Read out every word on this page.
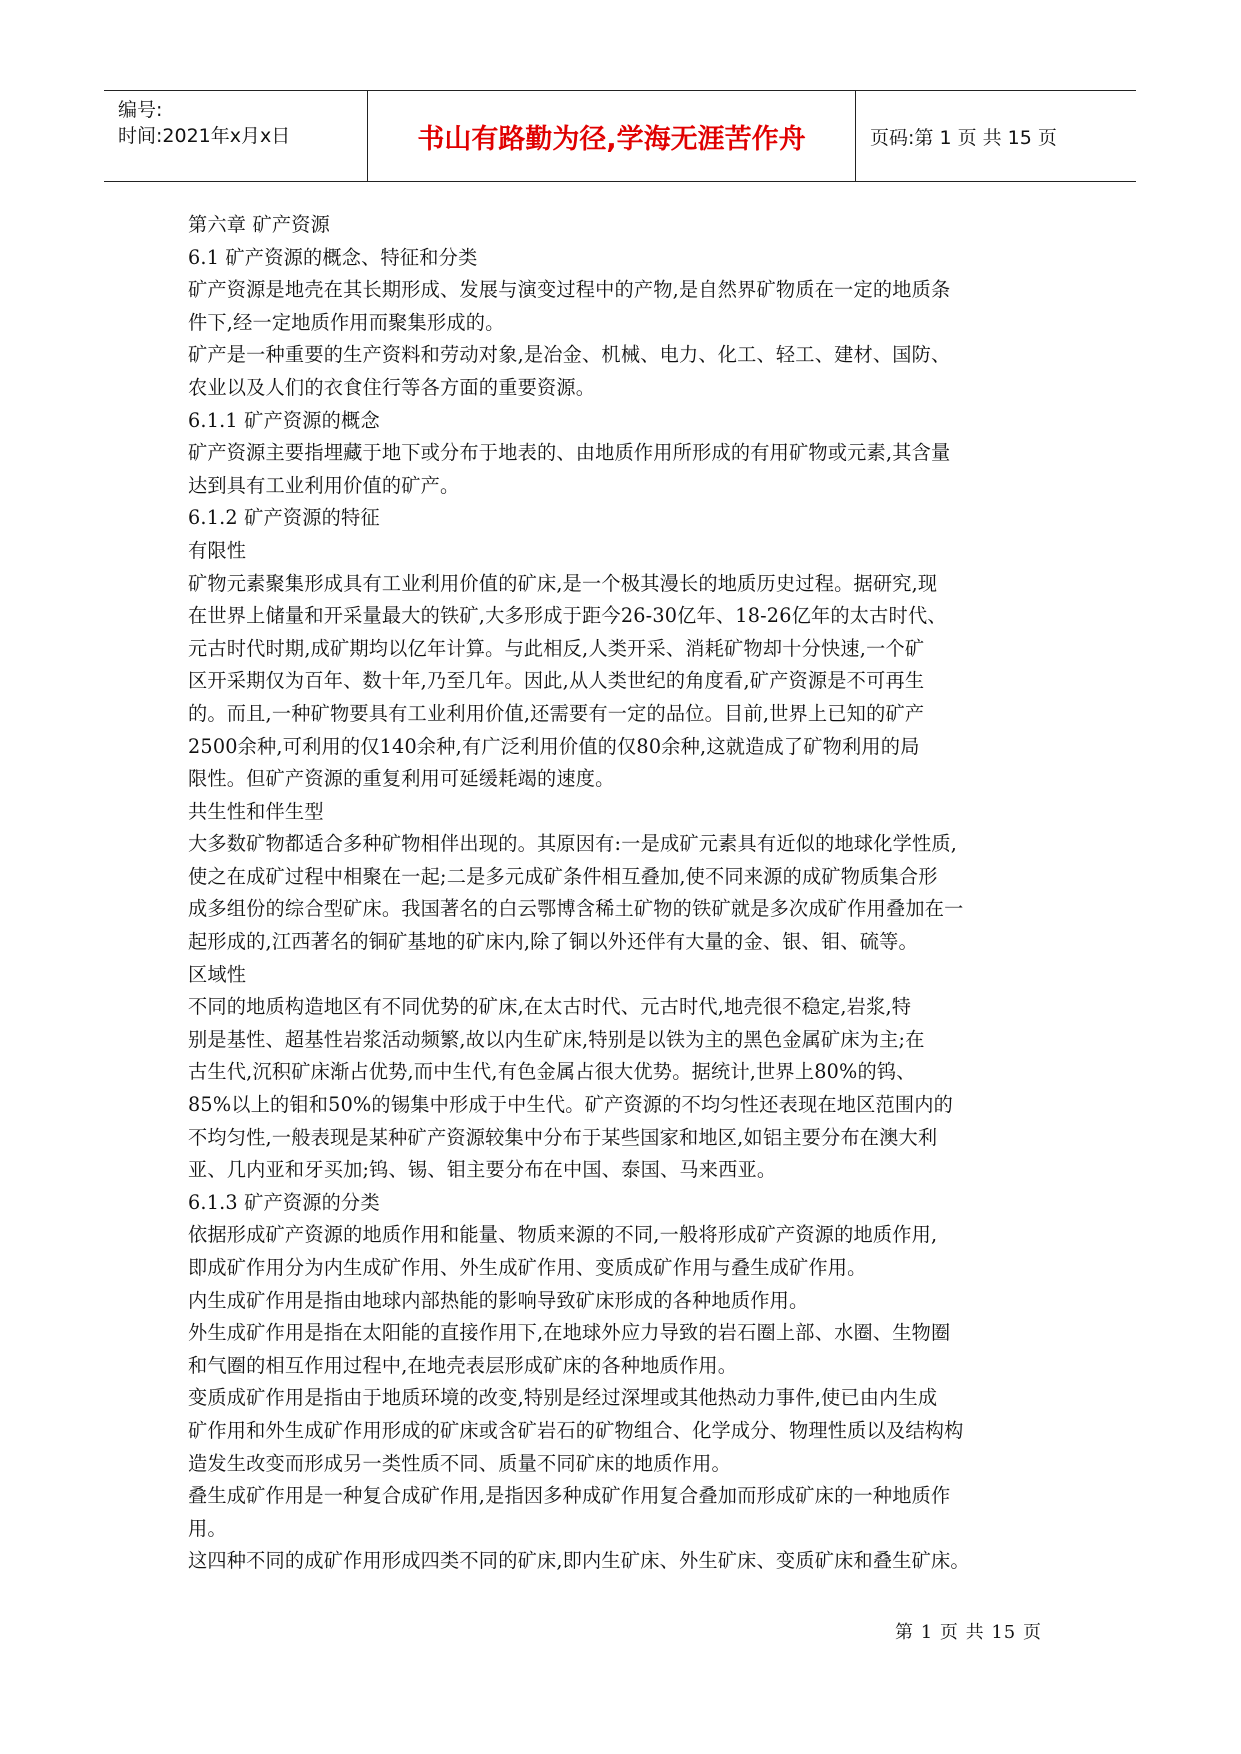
编号:
时间:2021年x月x日	书山有路勤为径,学海无涯苦作舟	页码:第 1 页 共 15 页
第六章 矿产资源
6.1 矿产资源的概念、特征和分类
矿产资源是地壳在其长期形成、发展与演变过程中的产物,是自然界矿物质在一定的地质条
件下,经一定地质作用而聚集形成的。
矿产是一种重要的生产资料和劳动对象,是冶金、机械、电力、化工、轻工、建材、国防、
农业以及人们的衣食住行等各方面的重要资源。
6.1.1 矿产资源的概念
矿产资源主要指埋藏于地下或分布于地表的、由地质作用所形成的有用矿物或元素,其含量
达到具有工业利用价值的矿产。
6.1.2 矿产资源的特征
有限性
矿物元素聚集形成具有工业利用价值的矿床,是一个极其漫长的地质历史过程。据研究,现
在世界上储量和开采量最大的铁矿,大多形成于距今26-30亿年、18-26亿年的太古时代、
元古时代时期,成矿期均以亿年计算。与此相反,人类开采、消耗矿物却十分快速,一个矿
区开采期仅为百年、数十年,乃至几年。因此,从人类世纪的角度看,矿产资源是不可再生
的。而且,一种矿物要具有工业利用价值,还需要有一定的品位。目前,世界上已知的矿产
2500余种,可利用的仅140余种,有广泛利用价值的仅80余种,这就造成了矿物利用的局
限性。但矿产资源的重复利用可延缓耗竭的速度。
共生性和伴生型
大多数矿物都适合多种矿物相伴出现的。其原因有:一是成矿元素具有近似的地球化学性质,
使之在成矿过程中相聚在一起;二是多元成矿条件相互叠加,使不同来源的成矿物质集合形
成多组份的综合型矿床。我国著名的白云鄂博含稀土矿物的铁矿就是多次成矿作用叠加在一
起形成的,江西著名的铜矿基地的矿床内,除了铜以外还伴有大量的金、银、钼、硫等。
区域性
不同的地质构造地区有不同优势的矿床,在太古时代、元古时代,地壳很不稳定,岩浆,特
别是基性、超基性岩浆活动频繁,故以内生矿床,特别是以铁为主的黑色金属矿床为主;在
古生代,沉积矿床渐占优势,而中生代,有色金属占很大优势。据统计,世界上80%的钨、
85%以上的钼和50%的锡集中形成于中生代。矿产资源的不均匀性还表现在地区范围内的
不均匀性,一般表现是某种矿产资源较集中分布于某些国家和地区,如铝主要分布在澳大利
亚、几内亚和牙买加;钨、锡、钼主要分布在中国、泰国、马来西亚。
6.1.3 矿产资源的分类
依据形成矿产资源的地质作用和能量、物质来源的不同,一般将形成矿产资源的地质作用,
即成矿作用分为内生成矿作用、外生成矿作用、变质成矿作用与叠生成矿作用。
内生成矿作用是指由地球内部热能的影响导致矿床形成的各种地质作用。
外生成矿作用是指在太阳能的直接作用下,在地球外应力导致的岩石圈上部、水圈、生物圈
和气圈的相互作用过程中,在地壳表层形成矿床的各种地质作用。
变质成矿作用是指由于地质环境的改变,特别是经过深埋或其他热动力事件,使已由内生成
矿作用和外生成矿作用形成的矿床或含矿岩石的矿物组合、化学成分、物理性质以及结构构
造发生改变而形成另一类性质不同、质量不同矿床的地质作用。
叠生成矿作用是一种复合成矿作用,是指因多种成矿作用复合叠加而形成矿床的一种地质作
用。
这四种不同的成矿作用形成四类不同的矿床,即内生矿床、外生矿床、变质矿床和叠生矿床。
第 1 页 共 15 页
